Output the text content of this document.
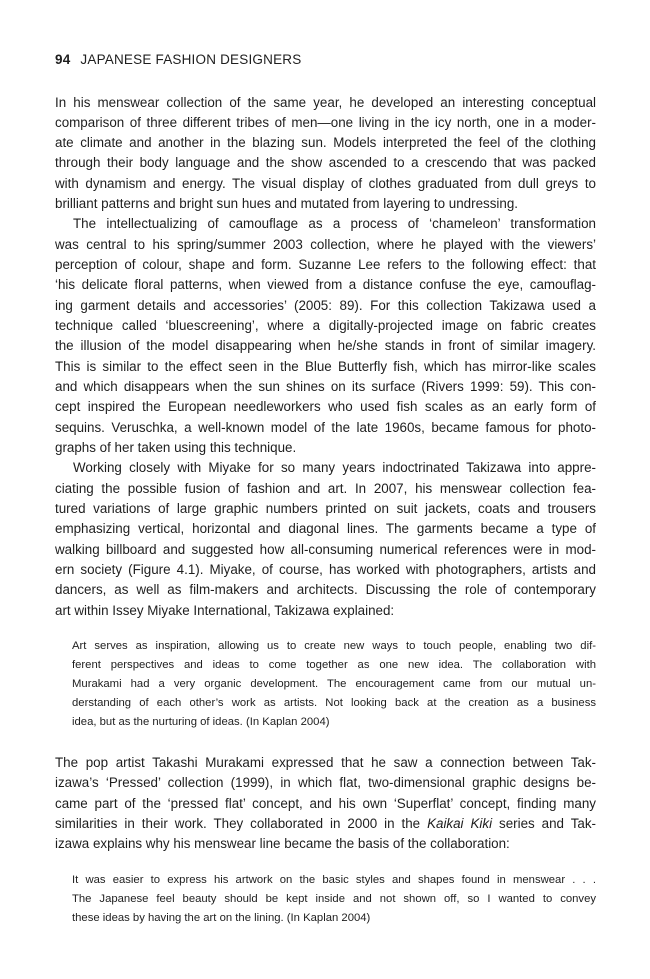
94 JAPANESE FASHION DESIGNERS
In his menswear collection of the same year, he developed an interesting conceptual
comparison of three different tribes of men—one living in the icy north, one in a moder-
ate climate and another in the blazing sun. Models interpreted the feel of the clothing
through their body language and the show ascended to a crescendo that was packed
with dynamism and energy. The visual display of clothes graduated from dull greys to
brilliant patterns and bright sun hues and mutated from layering to undressing.
The intellectualizing of camouflage as a process of ‘chameleon’ transformation
was central to his spring/summer 2003 collection, where he played with the viewers’
perception of colour, shape and form. Suzanne Lee refers to the following effect: that
‘his delicate floral patterns, when viewed from a distance confuse the eye, camouflag-
ing garment details and accessories’ (2005: 89). For this collection Takizawa used a
technique called ‘bluescreening’, where a digitally-projected image on fabric creates
the illusion of the model disappearing when he/she stands in front of similar imagery.
This is similar to the effect seen in the Blue Butterfly fish, which has mirror-like scales
and which disappears when the sun shines on its surface (Rivers 1999: 59). This con-
cept inspired the European needleworkers who used fish scales as an early form of
sequins. Veruschka, a well-known model of the late 1960s, became famous for photo-
graphs of her taken using this technique.
Working closely with Miyake for so many years indoctrinated Takizawa into appre-
ciating the possible fusion of fashion and art. In 2007, his menswear collection fea-
tured variations of large graphic numbers printed on suit jackets, coats and trousers
emphasizing vertical, horizontal and diagonal lines. The garments became a type of
walking billboard and suggested how all-consuming numerical references were in mod-
ern society (Figure 4.1). Miyake, of course, has worked with photographers, artists and
dancers, as well as film-makers and architects. Discussing the role of contemporary
art within Issey Miyake International, Takizawa explained:
Art serves as inspiration, allowing us to create new ways to touch people, enabling two dif-
ferent perspectives and ideas to come together as one new idea. The collaboration with
Murakami had a very organic development. The encouragement came from our mutual un-
derstanding of each other’s work as artists. Not looking back at the creation as a business
idea, but as the nurturing of ideas. (In Kaplan 2004)
The pop artist Takashi Murakami expressed that he saw a connection between Tak-
izawa’s ‘Pressed’ collection (1999), in which flat, two-dimensional graphic designs be-
came part of the ‘pressed flat’ concept, and his own ‘Superflat’ concept, finding many
similarities in their work. They collaborated in 2000 in the Kaikai Kiki series and Tak-
izawa explains why his menswear line became the basis of the collaboration:
It was easier to express his artwork on the basic styles and shapes found in menswear . . .
The Japanese feel beauty should be kept inside and not shown off, so I wanted to convey
these ideas by having the art on the lining. (In Kaplan 2004)
